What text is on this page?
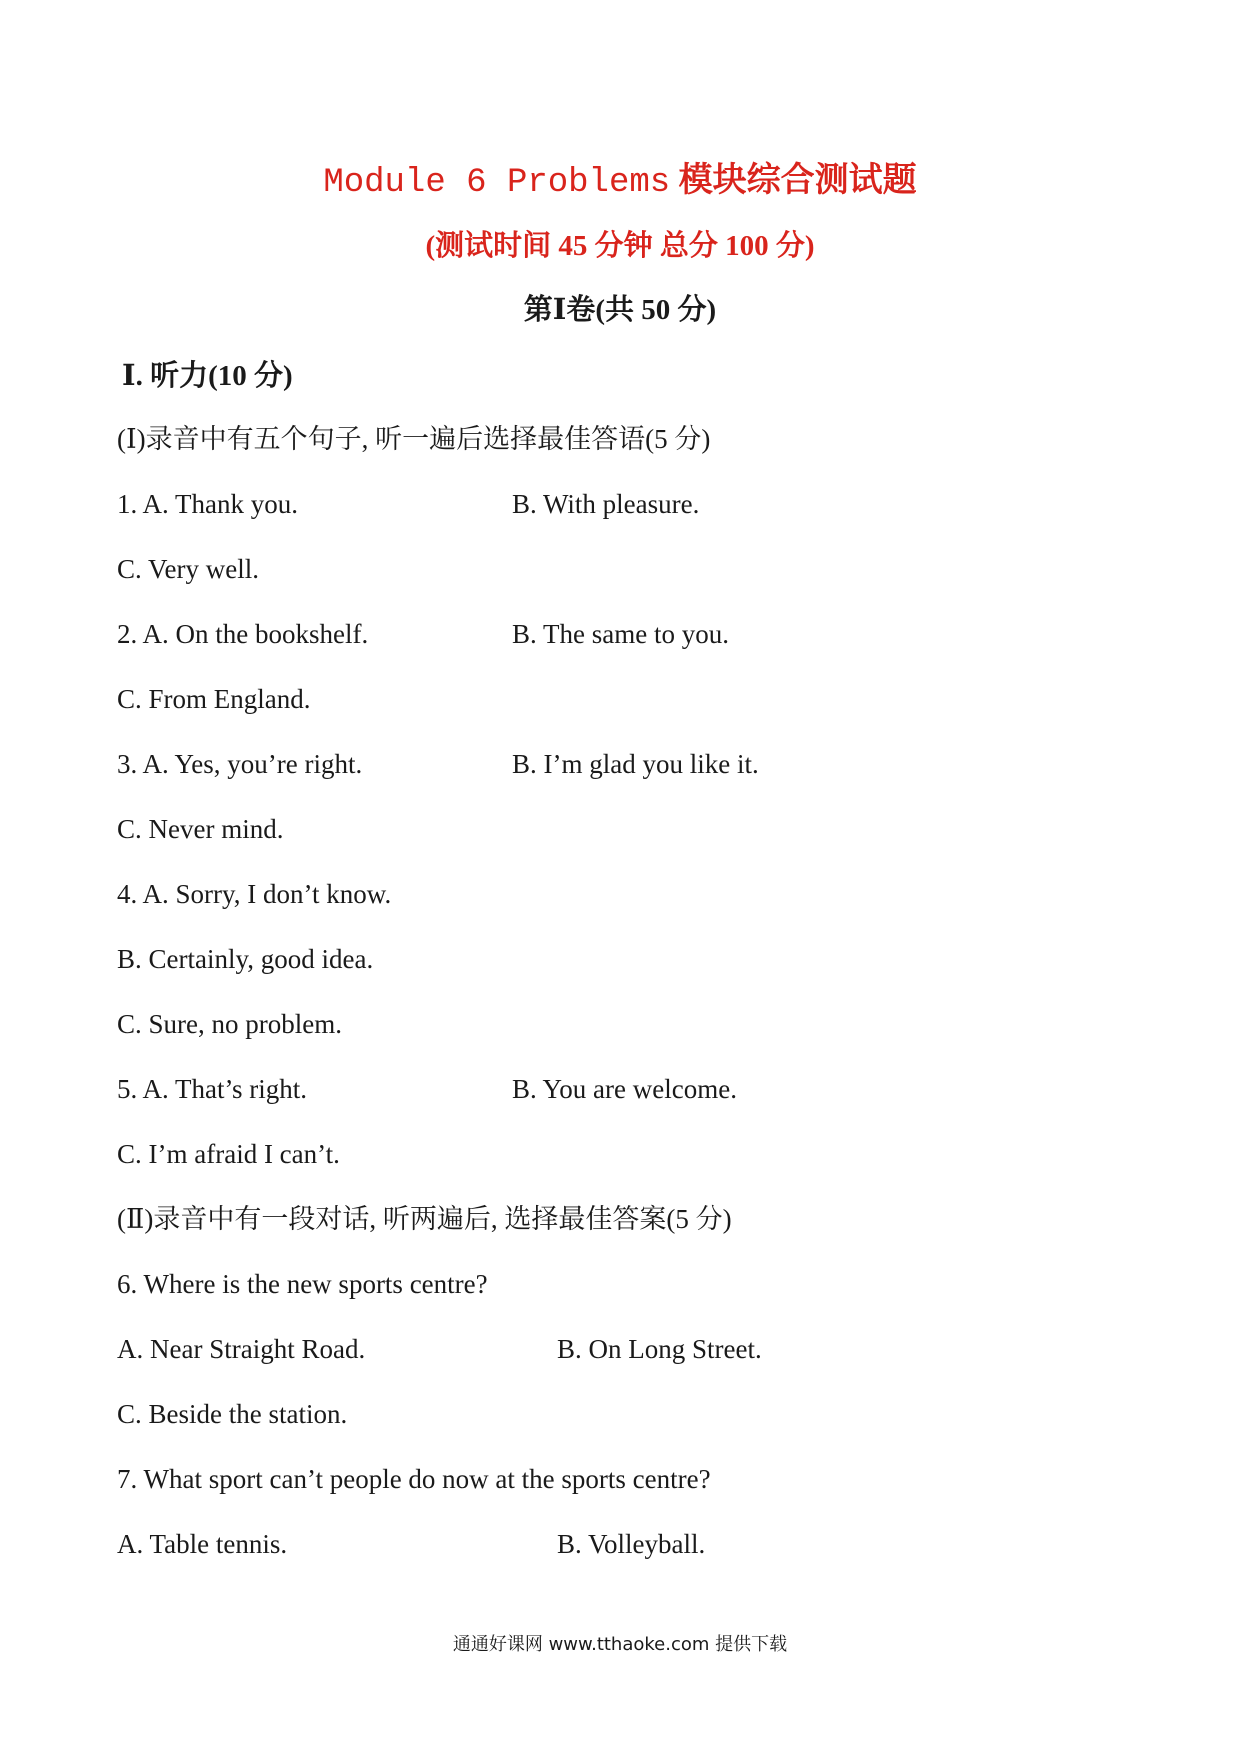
Module 6 Problems 模块综合测试题
(测试时间 45 分钟 总分 100 分)
第Ⅰ卷(共 50 分)
Ⅰ. 听力(10 分)
(Ⅰ)录音中有五个句子, 听一遍后选择最佳答语(5 分)
1. A. Thank you.	B. With pleasure.
C. Very well.
2. A. On the bookshelf.	B. The same to you.
C. From England.
3. A. Yes, you’re right.	B. I’m glad you like it.
C. Never mind.
4. A. Sorry, I don’t know.
B. Certainly, good idea.
C. Sure, no problem.
5. A. That’s right.	B. You are welcome.
C. I’m afraid I can’t.
(Ⅱ)录音中有一段对话, 听两遍后, 选择最佳答案(5 分)
6. Where is the new sports centre?
A. Near Straight Road.	B. On Long Street.
C. Beside the station.
7. What sport can’t people do now at the sports centre?
A. Table tennis.	B. Volleyball.
通通好课网 www.tthaoke.com 提供下载
